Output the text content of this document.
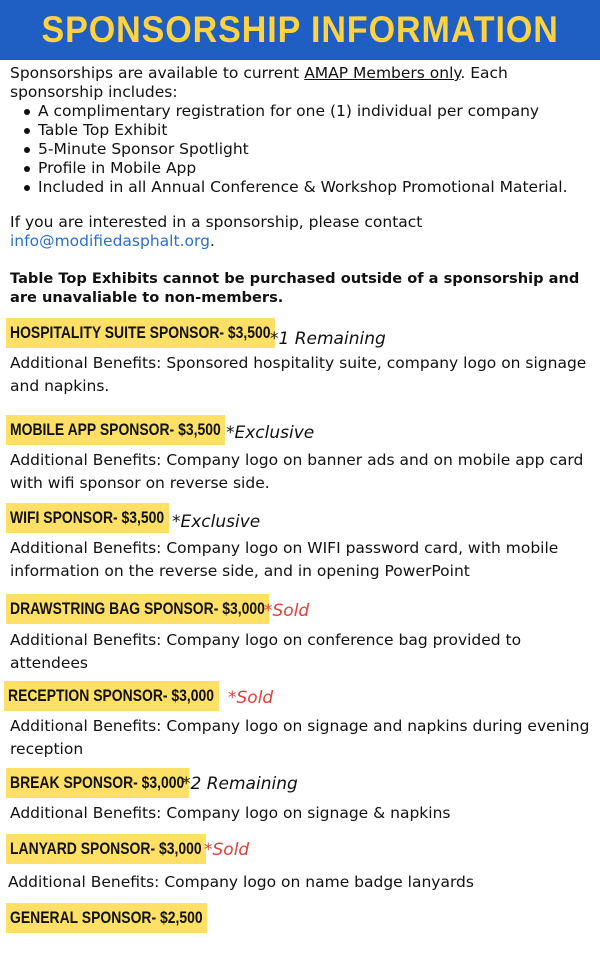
SPONSORSHIP INFORMATION
Sponsorships are available to current AMAP Members only. Each sponsorship includes:
A complimentary registration for one (1) individual per company
Table Top Exhibit
5-Minute Sponsor Spotlight
Profile in Mobile App
Included in all Annual Conference & Workshop Promotional Material.
If you are interested in a sponsorship, please contact
info@modifiedasphalt.org.
Table Top Exhibits cannot be purchased outside of a sponsorship and are unavaliable to non-members.
HOSPITALITY SUITE SPONSOR- $3,500 *1 Remaining
Additional Benefits: Sponsored hospitality suite, company logo on signage and napkins.
MOBILE APP SPONSOR- $3,500 *Exclusive
Additional Benefits: Company logo on banner ads and on mobile app card with wifi sponsor on reverse side.
WIFI SPONSOR- $3,500 *Exclusive
Additional Benefits: Company logo on WIFI password card, with mobile information on the reverse side, and in opening PowerPoint
DRAWSTRING BAG SPONSOR- $3,000 *Sold
Additional Benefits: Company logo on conference bag provided to attendees
RECEPTION SPONSOR- $3,000 *Sold
Additional Benefits: Company logo on signage and napkins during evening reception
BREAK SPONSOR- $3,000
*2 Remaining
Additional Benefits: Company logo on signage & napkins
LANYARD SPONSOR- $3,000 *Sold
Additional Benefits: Company logo on name badge lanyards
GENERAL SPONSOR- $2,500
